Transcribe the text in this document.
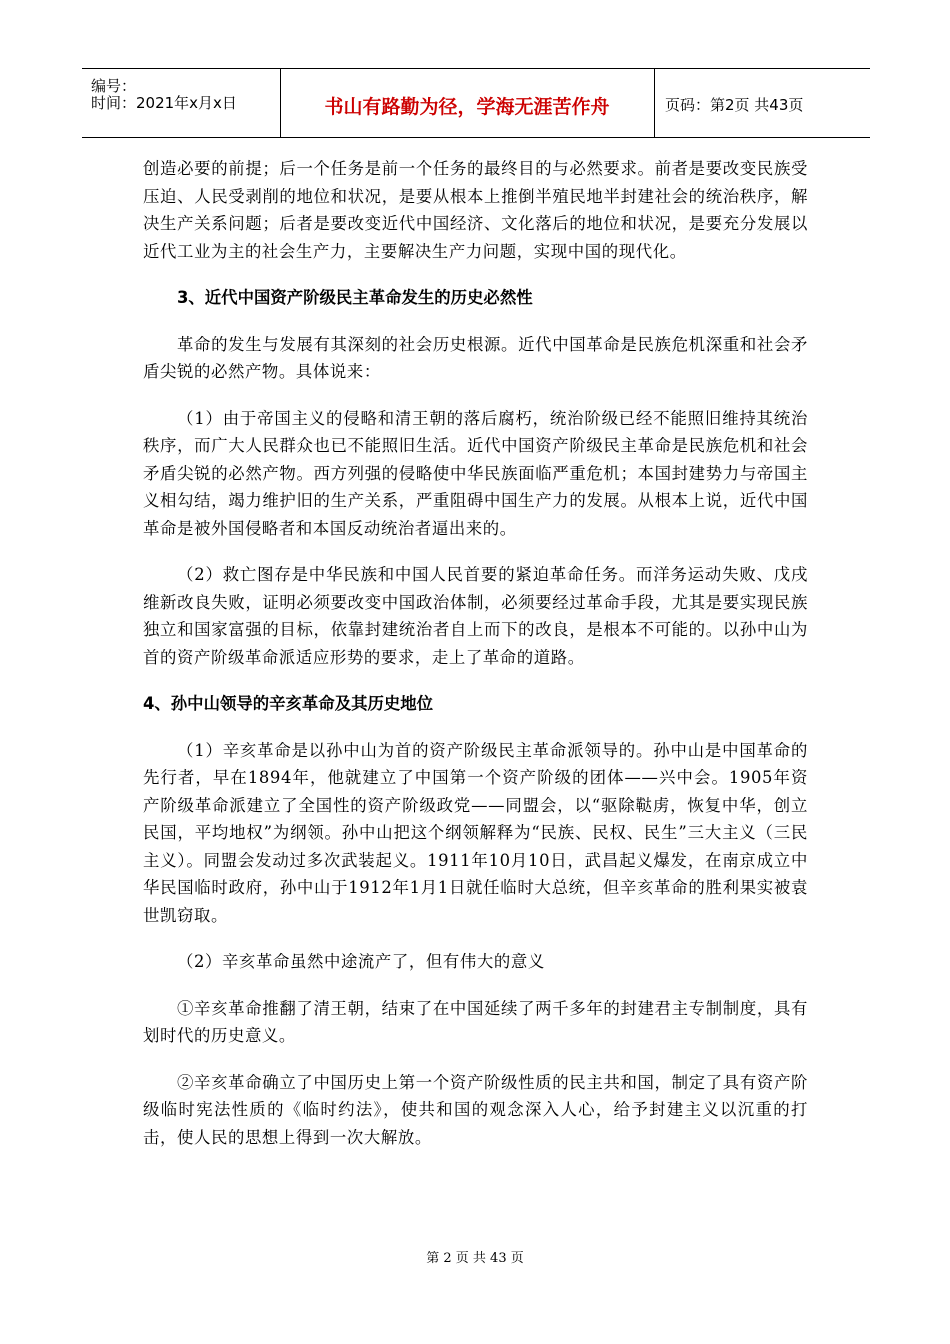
编号：
时间：2021年x月x日	书山有路勤为径，学海无涯苦作舟	页码：第2页 共43页

创造必要的前提；后一个任务是前一个任务的最终目的与必然要求。前者是要改变民族受压迫、人民受剥削的地位和状况，是要从根本上推倒半殖民地半封建社会的统治秩序，解决生产关系问题；后者是要改变近代中国经济、文化落后的地位和状况，是要充分发展以近代工业为主的社会生产力，主要解决生产力问题，实现中国的现代化。

3、近代中国资产阶级民主革命发生的历史必然性

革命的发生与发展有其深刻的社会历史根源。近代中国革命是民族危机深重和社会矛盾尖锐的必然产物。具体说来：

（1）由于帝国主义的侵略和清王朝的落后腐朽，统治阶级已经不能照旧维持其统治秩序，而广大人民群众也已不能照旧生活。近代中国资产阶级民主革命是民族危机和社会矛盾尖锐的必然产物。西方列强的侵略使中华民族面临严重危机；本国封建势力与帝国主义相勾结，竭力维护旧的生产关系，严重阻碍中国生产力的发展。从根本上说，近代中国革命是被外国侵略者和本国反动统治者逼出来的。

（2）救亡图存是中华民族和中国人民首要的紧迫革命任务。而洋务运动失败、戊戌维新改良失败，证明必须要改变中国政治体制，必须要经过革命手段，尤其是要实现民族独立和国家富强的目标，依靠封建统治者自上而下的改良，是根本不可能的。以孙中山为首的资产阶级革命派适应形势的要求，走上了革命的道路。

4、孙中山领导的辛亥革命及其历史地位

（1）辛亥革命是以孙中山为首的资产阶级民主革命派领导的。孙中山是中国革命的先行者，早在1894年，他就建立了中国第一个资产阶级的团体——兴中会。1905年资产阶级革命派建立了全国性的资产阶级政党——同盟会，以“驱除鞑虏，恢复中华，创立民国，平均地权”为纲领。孙中山把这个纲领解释为“民族、民权、民生”三大主义（三民主义）。同盟会发动过多次武装起义。1911年10月10日，武昌起义爆发，在南京成立中华民国临时政府，孙中山于1912年1月1日就任临时大总统，但辛亥革命的胜利果实被袁世凯窃取。

（2）辛亥革命虽然中途流产了，但有伟大的意义

①辛亥革命推翻了清王朝，结束了在中国延续了两千多年的封建君主专制制度，具有划时代的历史意义。

②辛亥革命确立了中国历史上第一个资产阶级性质的民主共和国，制定了具有资产阶级临时宪法性质的《临时约法》，使共和国的观念深入人心，给予封建主义以沉重的打击，使人民的思想上得到一次大解放。

第 2 页 共 43 页
